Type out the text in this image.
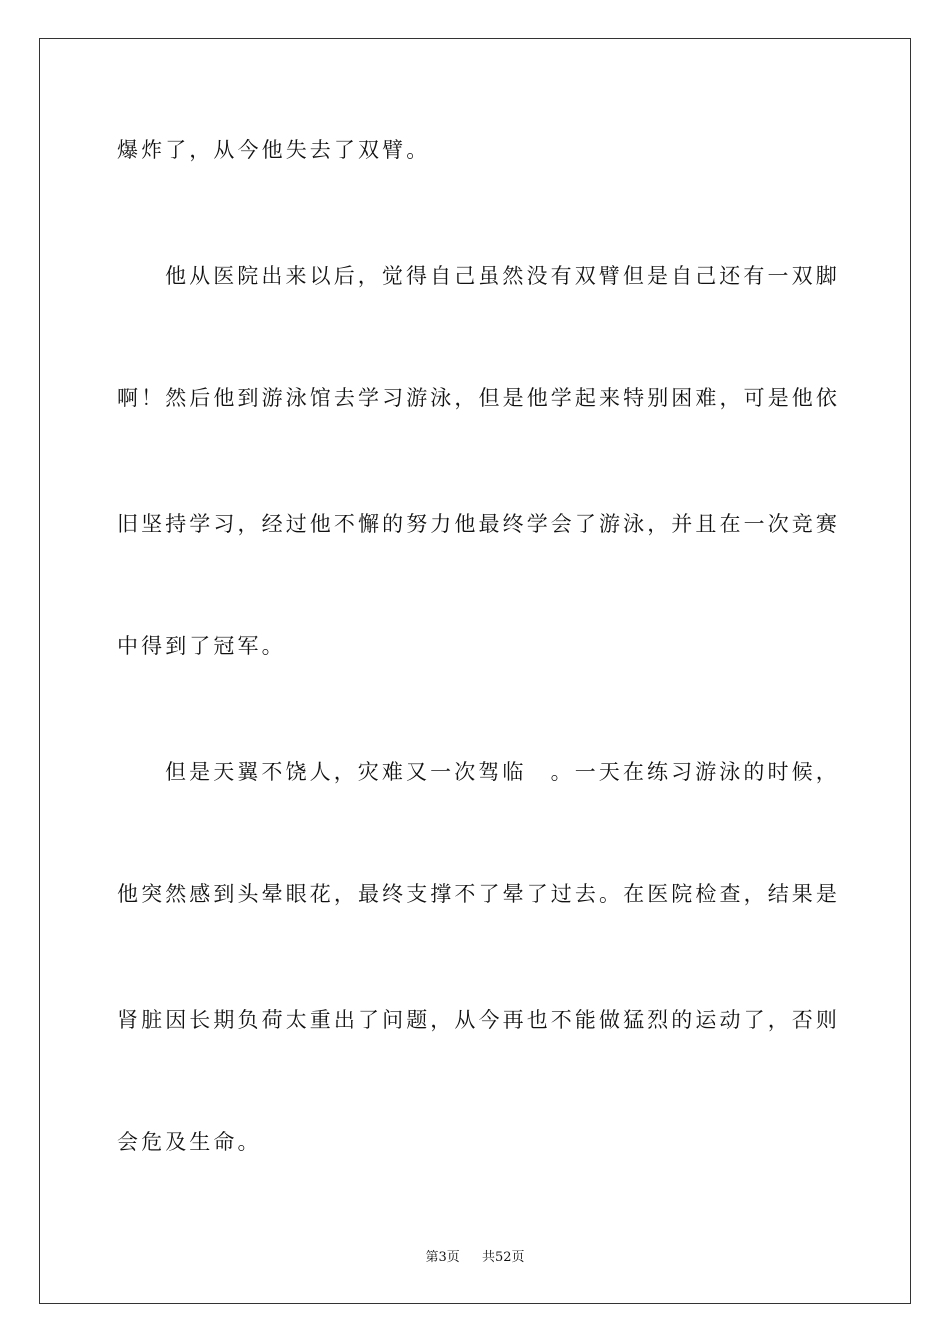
爆炸了，从今他失去了双臂。
他从医院出来以后，觉得自己虽然没有双臂但是自己还有一双脚
啊！然后他到游泳馆去学习游泳，但是他学起来特别困难，可是他依
旧坚持学习，经过他不懈的努力他最终学会了游泳，并且在一次竞赛
中得到了冠军。
但是天翼不饶人，灾难又一次驾临　。一天在练习游泳的时候，
他突然感到头晕眼花，最终支撑不了晕了过去。在医院检查，结果是
肾脏因长期负荷太重出了问题，从今再也不能做猛烈的运动了，否则
会危及生命。
第3页 共52页
